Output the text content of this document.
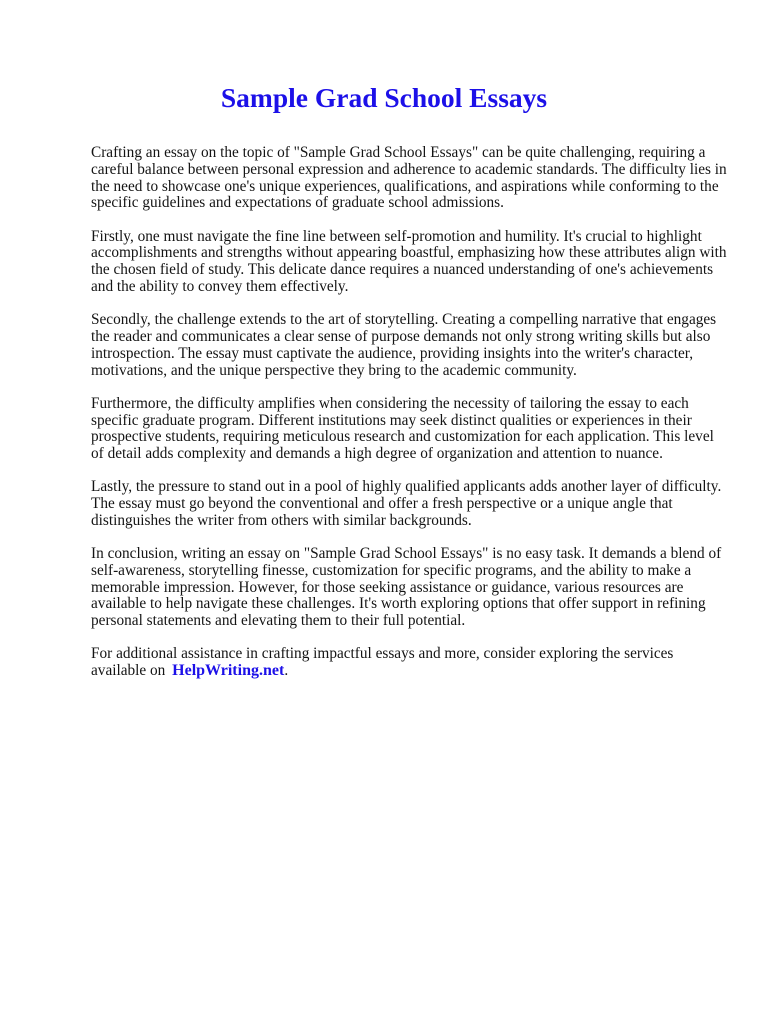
Sample Grad School Essays

Crafting an essay on the topic of "Sample Grad School Essays" can be quite challenging, requiring a careful balance between personal expression and adherence to academic standards. The difficulty lies in the need to showcase one's unique experiences, qualifications, and aspirations while conforming to the specific guidelines and expectations of graduate school admissions.

Firstly, one must navigate the fine line between self-promotion and humility. It's crucial to highlight accomplishments and strengths without appearing boastful, emphasizing how these attributes align with the chosen field of study. This delicate dance requires a nuanced understanding of one's achievements and the ability to convey them effectively.

Secondly, the challenge extends to the art of storytelling. Creating a compelling narrative that engages the reader and communicates a clear sense of purpose demands not only strong writing skills but also introspection. The essay must captivate the audience, providing insights into the writer's character, motivations, and the unique perspective they bring to the academic community.

Furthermore, the difficulty amplifies when considering the necessity of tailoring the essay to each specific graduate program. Different institutions may seek distinct qualities or experiences in their prospective students, requiring meticulous research and customization for each application. This level of detail adds complexity and demands a high degree of organization and attention to nuance.

Lastly, the pressure to stand out in a pool of highly qualified applicants adds another layer of difficulty. The essay must go beyond the conventional and offer a fresh perspective or a unique angle that distinguishes the writer from others with similar backgrounds.

In conclusion, writing an essay on "Sample Grad School Essays" is no easy task. It demands a blend of self-awareness, storytelling finesse, customization for specific programs, and the ability to make a memorable impression. However, for those seeking assistance or guidance, various resources are available to help navigate these challenges. It's worth exploring options that offer support in refining personal statements and elevating them to their full potential.

For additional assistance in crafting impactful essays and more, consider exploring the services available on HelpWriting.net.
